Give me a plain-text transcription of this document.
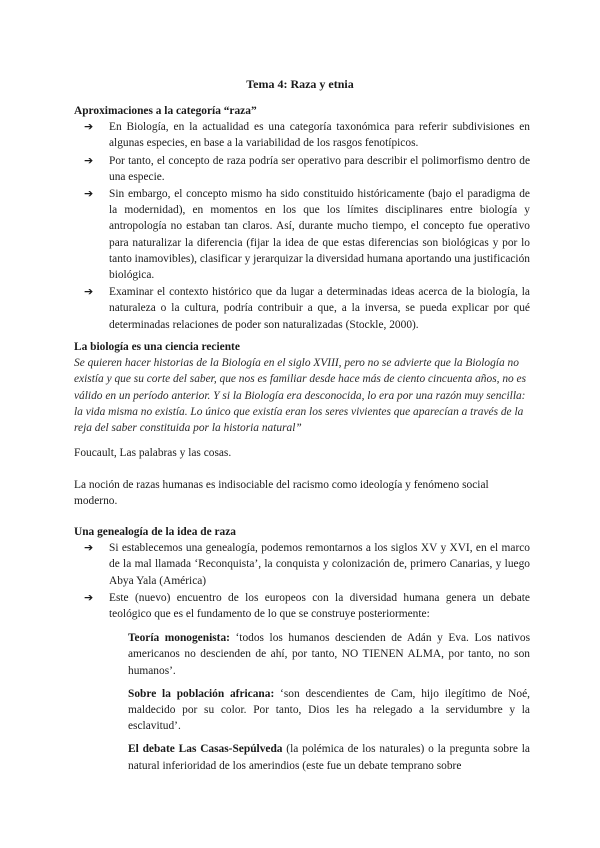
Tema 4: Raza y etnia

Aproximaciones a la categoría “raza”

➔ En Biología, en la actualidad es una categoría taxonómica para referir subdivisiones en algunas especies, en base a la variabilidad de los rasgos fenotípicos.
➔ Por tanto, el concepto de raza podría ser operativo para describir el polimorfismo dentro de una especie.
➔ Sin embargo, el concepto mismo ha sido constituido históricamente (bajo el paradigma de la modernidad), en momentos en los que los límites disciplinares entre biología y antropología no estaban tan claros. Así, durante mucho tiempo, el concepto fue operativo para naturalizar la diferencia (fijar la idea de que estas diferencias son biológicas y por lo tanto inamovibles), clasificar y jerarquizar la diversidad humana aportando una justificación biológica.
➔ Examinar el contexto histórico que da lugar a determinadas ideas acerca de la biología, la naturaleza o la cultura, podría contribuir a que, a la inversa, se pueda explicar por qué determinadas relaciones de poder son naturalizadas (Stockle, 2000).

La biología es una ciencia reciente

Se quieren hacer historias de la Biología en el siglo XVIII, pero no se advierte que la Biología no existía y que su corte del saber, que nos es familiar desde hace más de ciento cincuenta años, no es válido en un período anterior. Y si la Biología era desconocida, lo era por una razón muy sencilla: la vida misma no existía. Lo único que existía eran los seres vivientes que aparecían a través de la reja del saber constituida por la historia natural”

Foucault, Las palabras y las cosas.

La noción de razas humanas es indisociable del racismo como ideología y fenómeno social moderno.

Una genealogía de la idea de raza

➔ Si establecemos una genealogía, podemos remontarnos a los siglos XV y XVI, en el marco de la mal llamada ‘Reconquista’, la conquista y colonización de, primero Canarias, y luego Abya Yala (América)
➔ Este (nuevo) encuentro de los europeos con la diversidad humana genera un debate teológico que es el fundamento de lo que se construye posteriormente:

Teoría monogenista: ‘todos los humanos descienden de Adán y Eva. Los nativos americanos no descienden de ahí, por tanto, NO TIENEN ALMA, por tanto, no son humanos’.

Sobre la población africana: ‘son descendientes de Cam, hijo ilegítimo de Noé, maldecido por su color. Por tanto, Dios les ha relegado a la servidumbre y la esclavitud’.

El debate Las Casas-Sepúlveda (la polémica de los naturales) o la pregunta sobre la natural inferioridad de los amerindios (este fue un debate temprano sobre
